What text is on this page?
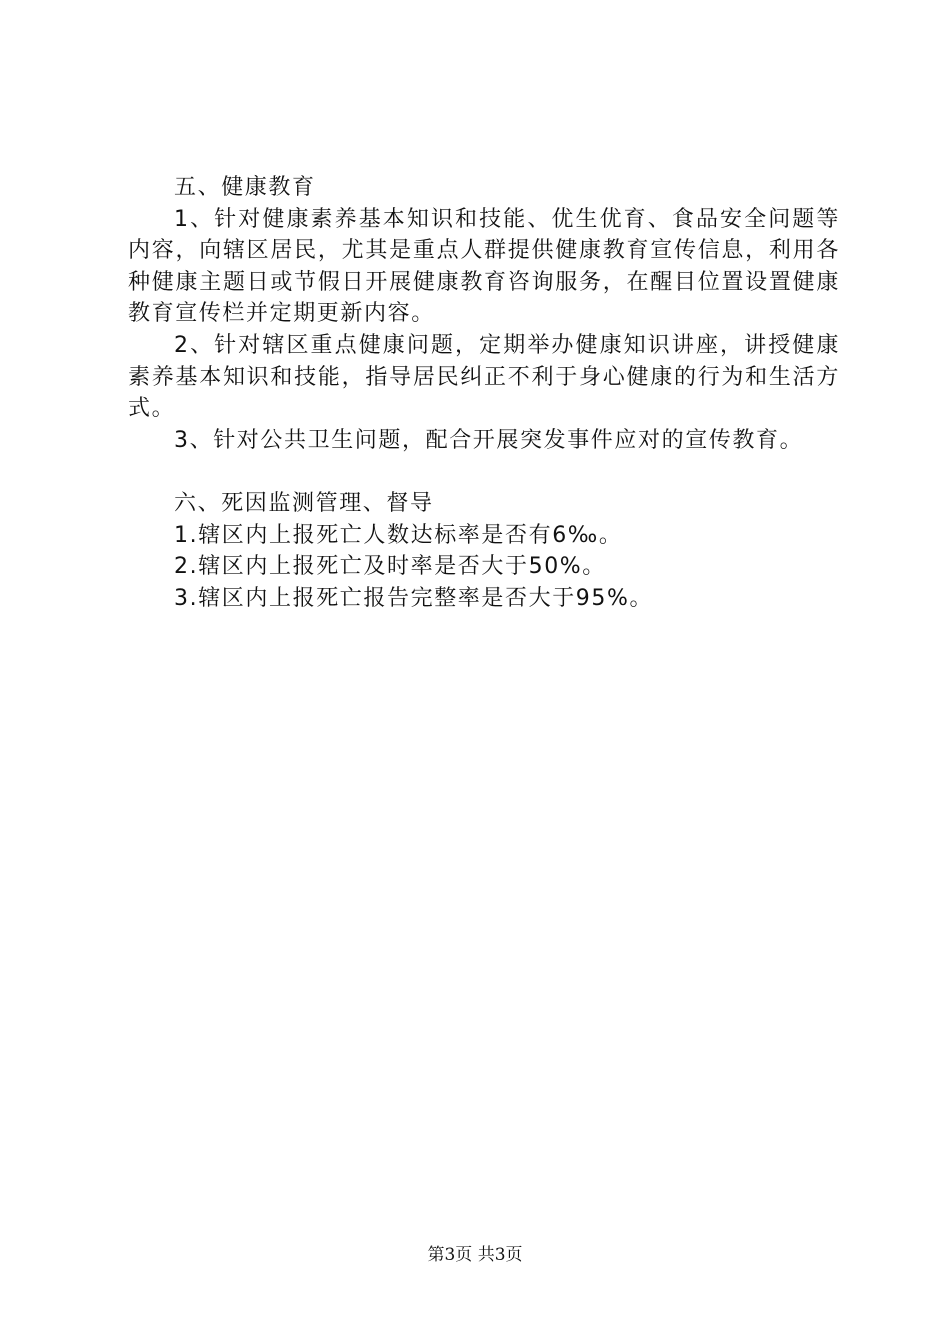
五、健康教育

1、针对健康素养基本知识和技能、优生优育、食品安全问题等内容，向辖区居民，尤其是重点人群提供健康教育宣传信息，利用各种健康主题日或节假日开展健康教育咨询服务，在醒目位置设置健康教育宣传栏并定期更新内容。

2、针对辖区重点健康问题，定期举办健康知识讲座，讲授健康素养基本知识和技能，指导居民纠正不利于身心健康的行为和生活方式。

3、针对公共卫生问题，配合开展突发事件应对的宣传教育。

六、死因监测管理、督导

1.辖区内上报死亡人数达标率是否有6‰。

2.辖区内上报死亡及时率是否大于50%。

3.辖区内上报死亡报告完整率是否大于95%。

第3页 共3页
